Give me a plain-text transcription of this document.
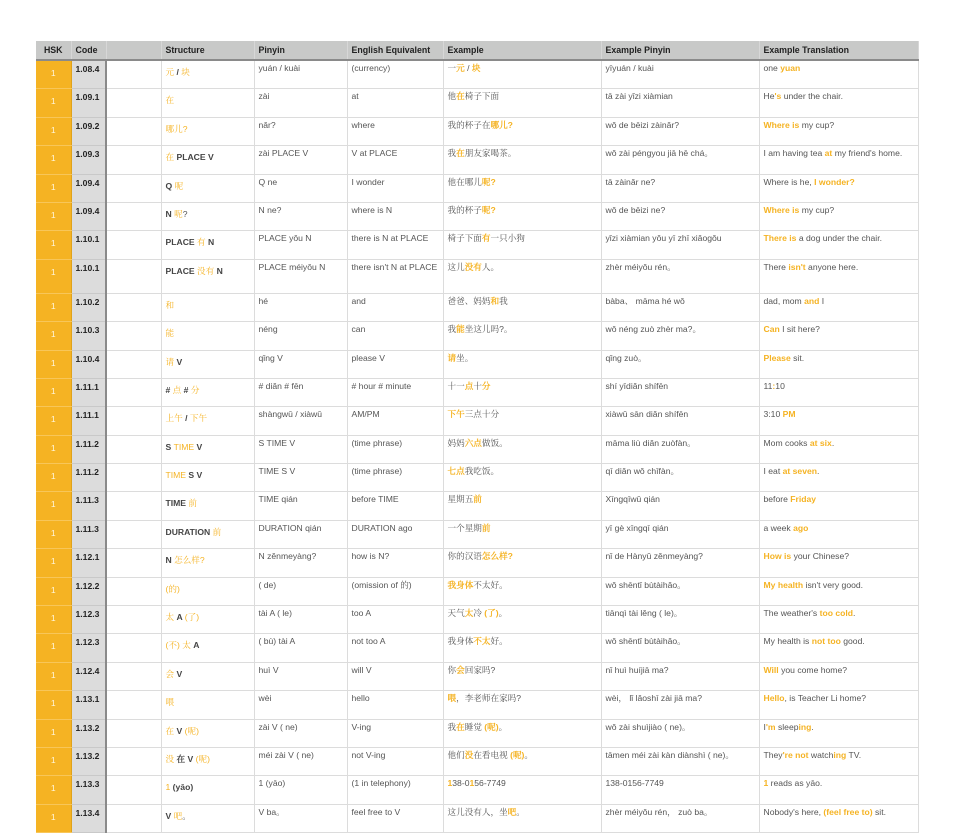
HSK	Code		Structure	Pinyin	English Equivalent	Example	Example Pinyin	Example Translation
1	1.08.4		元 / 块	yuán / kuài	(currency)	一元 / 块	yīyuán / kuài	one yuan
1	1.09.1		在	zài	at	他在椅子下面	tā zài yǐzi xiàmian	He's under the chair.
1	1.09.2		哪儿?	nǎr?	where	我的杯子在哪儿?	wǒ de bēizi zàinǎr?	Where is my cup?
1	1.09.3		在 PLACE V	zài PLACE V	V at PLACE	我在朋友家喝茶。	wǒ zài péngyou jiā hē chá。	I am having tea at my friend's home.
1	1.09.4		Q 呢	Q ne	I wonder	他在哪儿呢?	tā zàinǎr ne?	Where is he, I wonder?
1	1.09.4		N 呢?	N ne?	where is N	我的杯子呢?	wǒ de bēizi ne?	Where is my cup?
1	1.10.1		PLACE 有 N	PLACE yǒu N	there is N at PLACE	椅子下面有一只小狗	yǐzi xiàmian yǒu yī zhī xiǎogǒu	There is a dog under the chair.
1	1.10.1		PLACE 没有 N	PLACE méiyǒu N	there isn't N at PLACE	这儿没有人。	zhèr méiyǒu rén。	There isn't anyone here.
1	1.10.2		和	hé	and	爸爸、妈妈和我	bàba、 māma hé wǒ	dad, mom and I
1	1.10.3		能	néng	can	我能坐这儿吗?。	wǒ néng zuò zhèr ma?。	Can I sit here?
1	1.10.4		请 V	qǐng V	please V	请坐。	qǐng zuò。	Please sit.
1	1.11.1		# 点 # 分	# diǎn # fēn	# hour # minute	十一点十分	shí yīdiǎn shífēn	11:10
1	1.11.1		上午 / 下午	shàngwǔ / xiàwǔ	AM/PM	下午三点十分	xiàwǔ sān diǎn shífēn	3:10 PM
1	1.11.2		S TIME V	S TIME V	(time phrase)	妈妈六点做饭。	māma liù diǎn zuòfàn。	Mom cooks at six.
1	1.11.2		TIME S V	TIME S V	(time phrase)	七点我吃饭。	qī diǎn wǒ chīfàn。	I eat at seven.
1	1.11.3		TIME 前	TIME qián	before TIME	星期五前	Xīngqīwǔ qián	before Friday
1	1.11.3		DURATION 前	DURATION qián	DURATION ago	一个星期前	yī gè xīngqī qián	a week ago
1	1.12.1		N 怎么样?	N zěnmeyàng?	how is N?	你的汉语怎么样?	nǐ de Hànyǔ zěnmeyàng?	How is your Chinese?
1	1.12.2		(的)	( de)	(omission of 的)	我身体不太好。	wǒ shēntǐ bùtàihǎo。	My health isn't very good.
1	1.12.3		太 A (了)	tài A ( le)	too A	天气太冷 (了)。	tiānqì tài lěng ( le)。	The weather's too cold.
1	1.12.3		(不) 太 A	( bù) tài A	not too A	我身体不太好。	wǒ shēntǐ bùtàihǎo。	My health is not too good.
1	1.12.4		会 V	huì V	will V	你会回家吗?	nǐ huì huíjiā ma?	Will you come home?
1	1.13.1		喂	wèi	hello	喂，李老师在家吗?	wèi， lǐ lǎoshī zài jiā ma?	Hello, is Teacher Li home?
1	1.13.2		在 V (呢)	zài V ( ne)	V-ing	我在睡觉 (呢)。	wǒ zài shuìjiào ( ne)。	I'm sleeping.
1	1.13.2		没 在 V (呢)	méi zài V ( ne)	not V-ing	他们没在看电视 (呢)。	tāmen méi zài kàn diànshì ( ne)。	They're not watching TV.
1	1.13.3		1 (yāo)	1 (yāo)	(1 in telephony)	138-0156-7749	138-0156-7749	1 reads as yāo.
1	1.13.4		V 吧。	V ba。	feel free to V	这儿没有人，坐吧。	zhèr méiyǒu rén， zuò ba。	Nobody's here, (feel free to) sit.
